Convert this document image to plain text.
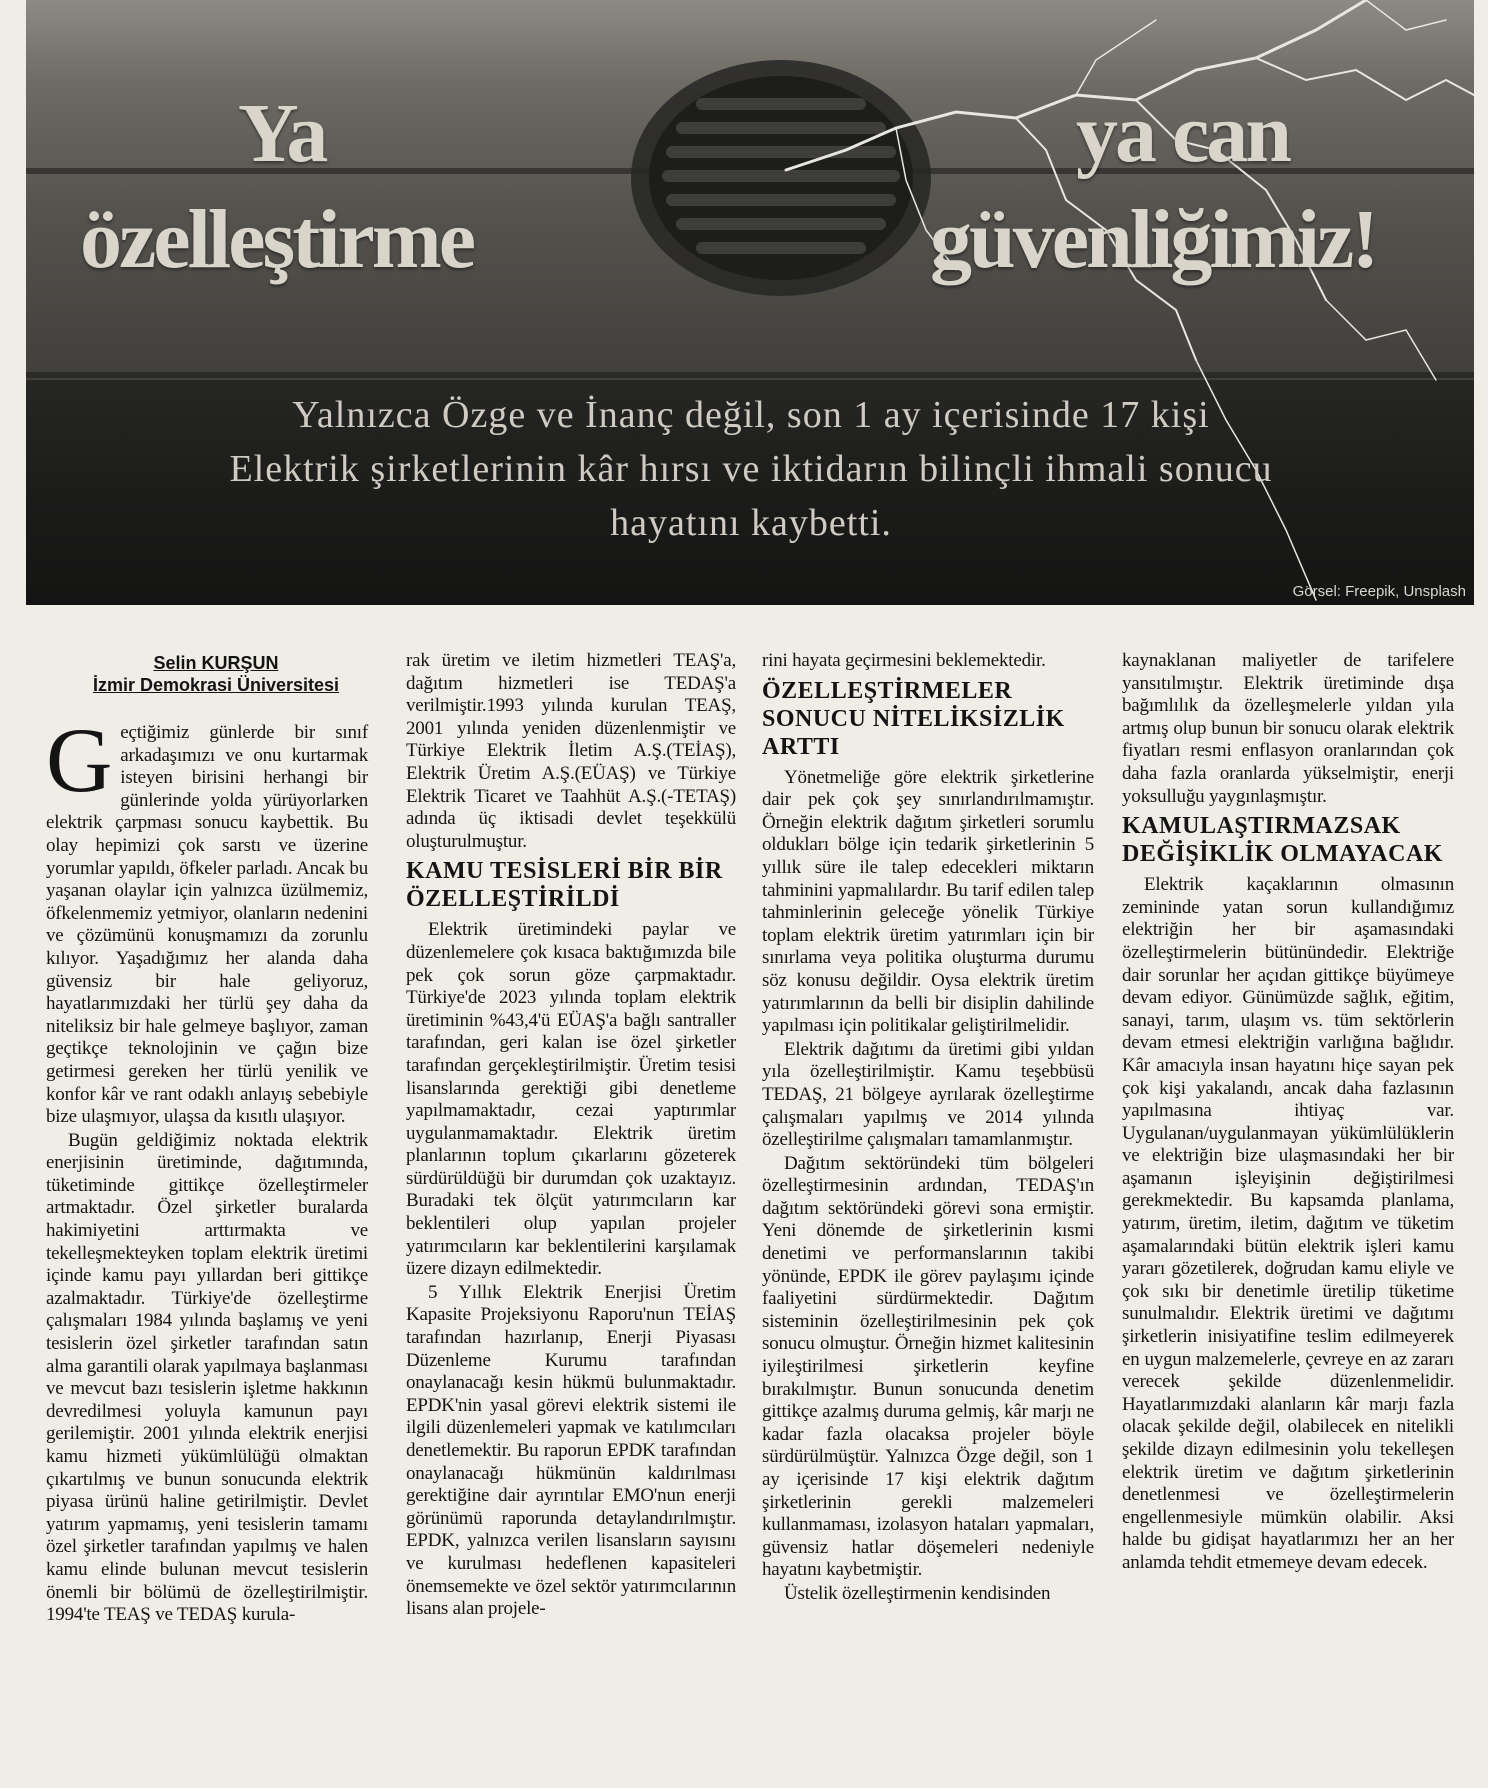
Ya
özelleştirme
ya can
güvenliğimiz!
Yalnızca Özge ve İnanç değil, son 1 ay içerisinde 17 kişi
Elektrik şirketlerinin kâr hırsı ve iktidarın bilinçli ihmali sonucu
hayatını kaybetti.
Görsel: Freepik, Unsplash
Selin KURŞUN
İzmir Demokrasi Üniversitesi

Geçtiğimiz günlerde bir sınıf arkadaşımızı ve onu kurtarmak isteyen birisini herhangi bir günlerinde yolda yürüyorlarken elektrik çarpması sonucu kaybettik. Bu olay hepimizi çok sarstı ve üzerine yorumlar yapıldı, öfkeler parladı. Ancak bu yaşanan olaylar için yalnızca üzülmemiz, öfkelenmemiz yetmiyor, olanların nedenini ve çözümünü konuşmamızı da zorunlu kılıyor. Yaşadığımız her alanda daha güvensiz bir hale geliyoruz, hayatlarımızdaki her türlü şey daha da niteliksiz bir hale gelmeye başlıyor, zaman geçtikçe teknolojinin ve çağın bize getirmesi gereken her türlü yenilik ve konfor kâr ve rant odaklı anlayış sebebiyle bize ulaşmıyor, ulaşsa da kısıtlı ulaşıyor.

Bugün geldiğimiz noktada elektrik enerjisinin üretiminde, dağıtımında, tüketiminde gittikçe özelleştirmeler artmaktadır. Özel şirketler buralarda hakimiyetini arttırmakta ve tekelleşmekteyken toplam elektrik üretimi içinde kamu payı yıllardan beri gittikçe azalmaktadır. Türkiye'de özelleştirme çalışmaları 1984 yılında başlamış ve yeni tesislerin özel şirketler tarafından satın alma garantili olarak yapılmaya başlanması ve mevcut bazı tesislerin işletme hakkının devredilmesi yoluyla kamunun payı gerilemiştir. 2001 yılında elektrik enerjisi kamu hizmeti yükümlülüğü olmaktan çıkartılmış ve bunun sonucunda elektrik piyasa ürünü haline getirilmiştir. Devlet yatırım yapmamış, yeni tesislerin tamamı özel şirketler tarafından yapılmış ve halen kamu elinde bulunan mevcut tesislerin önemli bir bölümü de özelleştirilmiştir. 1994'te TEAŞ ve TEDAŞ kurula-

rak üretim ve iletim hizmetleri TEAŞ'a, dağıtım hizmetleri ise TEDAŞ'a verilmiştir.1993 yılında kurulan TEAŞ, 2001 yılında yeniden düzenlenmiştir ve Türkiye Elektrik İletim A.Ş.(TEİAŞ), Elektrik Üretim A.Ş.(EÜAŞ) ve Türkiye Elektrik Ticaret ve Taahhüt A.Ş.(-TETAŞ) adında üç iktisadi devlet teşekkülü oluşturulmuştur.

KAMU TESİSLERİ BİR BİR ÖZELLEŞTİRİLDİ

Elektrik üretimindeki paylar ve düzenlemelere çok kısaca baktığımızda bile pek çok sorun göze çarpmaktadır. Türkiye'de 2023 yılında toplam elektrik üretiminin %43,4'ü EÜAŞ'a bağlı santraller tarafından, geri kalan ise özel şirketler tarafından gerçekleştirilmiştir. Üretim tesisi lisanslarında gerektiği gibi denetleme yapılmamaktadır, cezai yaptırımlar uygulanmamaktadır. Elektrik üretim planlarının toplum çıkarlarını gözeterek sürdürüldüğü bir durumdan çok uzaktayız. Buradaki tek ölçüt yatırımcıların kar beklentileri olup yapılan projeler yatırımcıların kar beklentilerini karşılamak üzere dizayn edilmektedir.

5 Yıllık Elektrik Enerjisi Üretim Kapasite Projeksiyonu Raporu'nun TEİAŞ tarafından hazırlanıp, Enerji Piyasası Düzenleme Kurumu tarafından onaylanacağı kesin hükmü bulunmaktadır. EPDK'nin yasal görevi elektrik sistemi ile ilgili düzenlemeleri yapmak ve katılımcıları denetlemektir. Bu raporun EPDK tarafından onaylanacağı hükmünün kaldırılması gerektiğine dair ayrıntılar EMO'nun enerji görünümü raporunda detaylandırılmıştır. EPDK, yalnızca verilen lisansların sayısını ve kurulması hedeflenen kapasiteleri önemsemekte ve özel sektör yatırımcılarının lisans alan projele-

rini hayata geçirmesini beklemektedir.

ÖZELLEŞTİRMELER SONUCU NİTELİKSİZLİK ARTTI

Yönetmeliğe göre elektrik şirketlerine dair pek çok şey sınırlandırılmamıştır. Örneğin elektrik dağıtım şirketleri sorumlu oldukları bölge için tedarik şirketlerinin 5 yıllık süre ile talep edecekleri miktarın tahminini yapmalılardır. Bu tarif edilen talep tahminlerinin geleceğe yönelik Türkiye toplam elektrik üretim yatırımları için bir sınırlama veya politika oluşturma durumu söz konusu değildir. Oysa elektrik üretim yatırımlarının da belli bir disiplin dahilinde yapılması için politikalar geliştirilmelidir.

Elektrik dağıtımı da üretimi gibi yıldan yıla özelleştirilmiştir. Kamu teşebbüsü TEDAŞ, 21 bölgeye ayrılarak özelleştirme çalışmaları yapılmış ve 2014 yılında özelleştirilme çalışmaları tamamlanmıştır.

Dağıtım sektöründeki tüm bölgeleri özelleştirmesinin ardından, TEDAŞ'ın dağıtım sektöründeki görevi sona ermiştir. Yeni dönemde de şirketlerinin kısmi denetimi ve performanslarının takibi yönünde, EPDK ile görev paylaşımı içinde faaliyetini sürdürmektedir. Dağıtım sisteminin özelleştirilmesinin pek çok sonucu olmuştur. Örneğin hizmet kalitesinin iyileştirilmesi şirketlerin keyfine bırakılmıştır. Bunun sonucunda denetim gittikçe azalmış duruma gelmiş, kâr marjı ne kadar fazla olacaksa projeler böyle sürdürülmüştür. Yalnızca Özge değil, son 1 ay içerisinde 17 kişi elektrik dağıtım şirketlerinin gerekli malzemeleri kullanmaması, izolasyon hataları yapmaları, güvensiz hatlar döşemeleri nedeniyle hayatını kaybetmiştir.

Üstelik özelleştirmenin kendisinden

kaynaklanan maliyetler de tarifelere yansıtılmıştır. Elektrik üretiminde dışa bağımlılık da özelleşmelerle yıldan yıla artmış olup bunun bir sonucu olarak elektrik fiyatları resmi enflasyon oranlarından çok daha fazla oranlarda yükselmiştir, enerji yoksulluğu yaygınlaşmıştır.

KAMULAŞTIRMAZSAK DEĞİŞİKLİK OLMAYACAK

Elektrik kaçaklarının olmasının zemininde yatan sorun kullandığımız elektriğin her bir aşamasındaki özelleştirmelerin bütünündedir. Elektriğe dair sorunlar her açıdan gittikçe büyümeye devam ediyor. Günümüzde sağlık, eğitim, sanayi, tarım, ulaşım vs. tüm sektörlerin devam etmesi elektriğin varlığına bağlıdır. Kâr amacıyla insan hayatını hiçe sayan pek çok kişi yakalandı, ancak daha fazlasının yapılmasına ihtiyaç var. Uygulanan/uygulanmayan yükümlülüklerin ve elektriğin bize ulaşmasındaki her bir aşamanın işleyişinin değiştirilmesi gerekmektedir. Bu kapsamda planlama, yatırım, üretim, iletim, dağıtım ve tüketim aşamalarındaki bütün elektrik işleri kamu yararı gözetilerek, doğrudan kamu eliyle ve çok sıkı bir denetimle üretilip tüketime sunulmalıdır. Elektrik üretimi ve dağıtımı şirketlerin inisiyatifine teslim edilmeyerek en uygun malzemelerle, çevreye en az zararı verecek şekilde düzenlenmelidir. Hayatlarımızdaki alanların kâr marjı fazla olacak şekilde değil, olabilecek en nitelikli şekilde dizayn edilmesinin yolu tekelleşen elektrik üretim ve dağıtım şirketlerinin denetlenmesi ve özelleştirmelerin engellenmesiyle mümkün olabilir. Aksi halde bu gidişat hayatlarımızı her an her anlamda tehdit etmemeye devam edecek.
